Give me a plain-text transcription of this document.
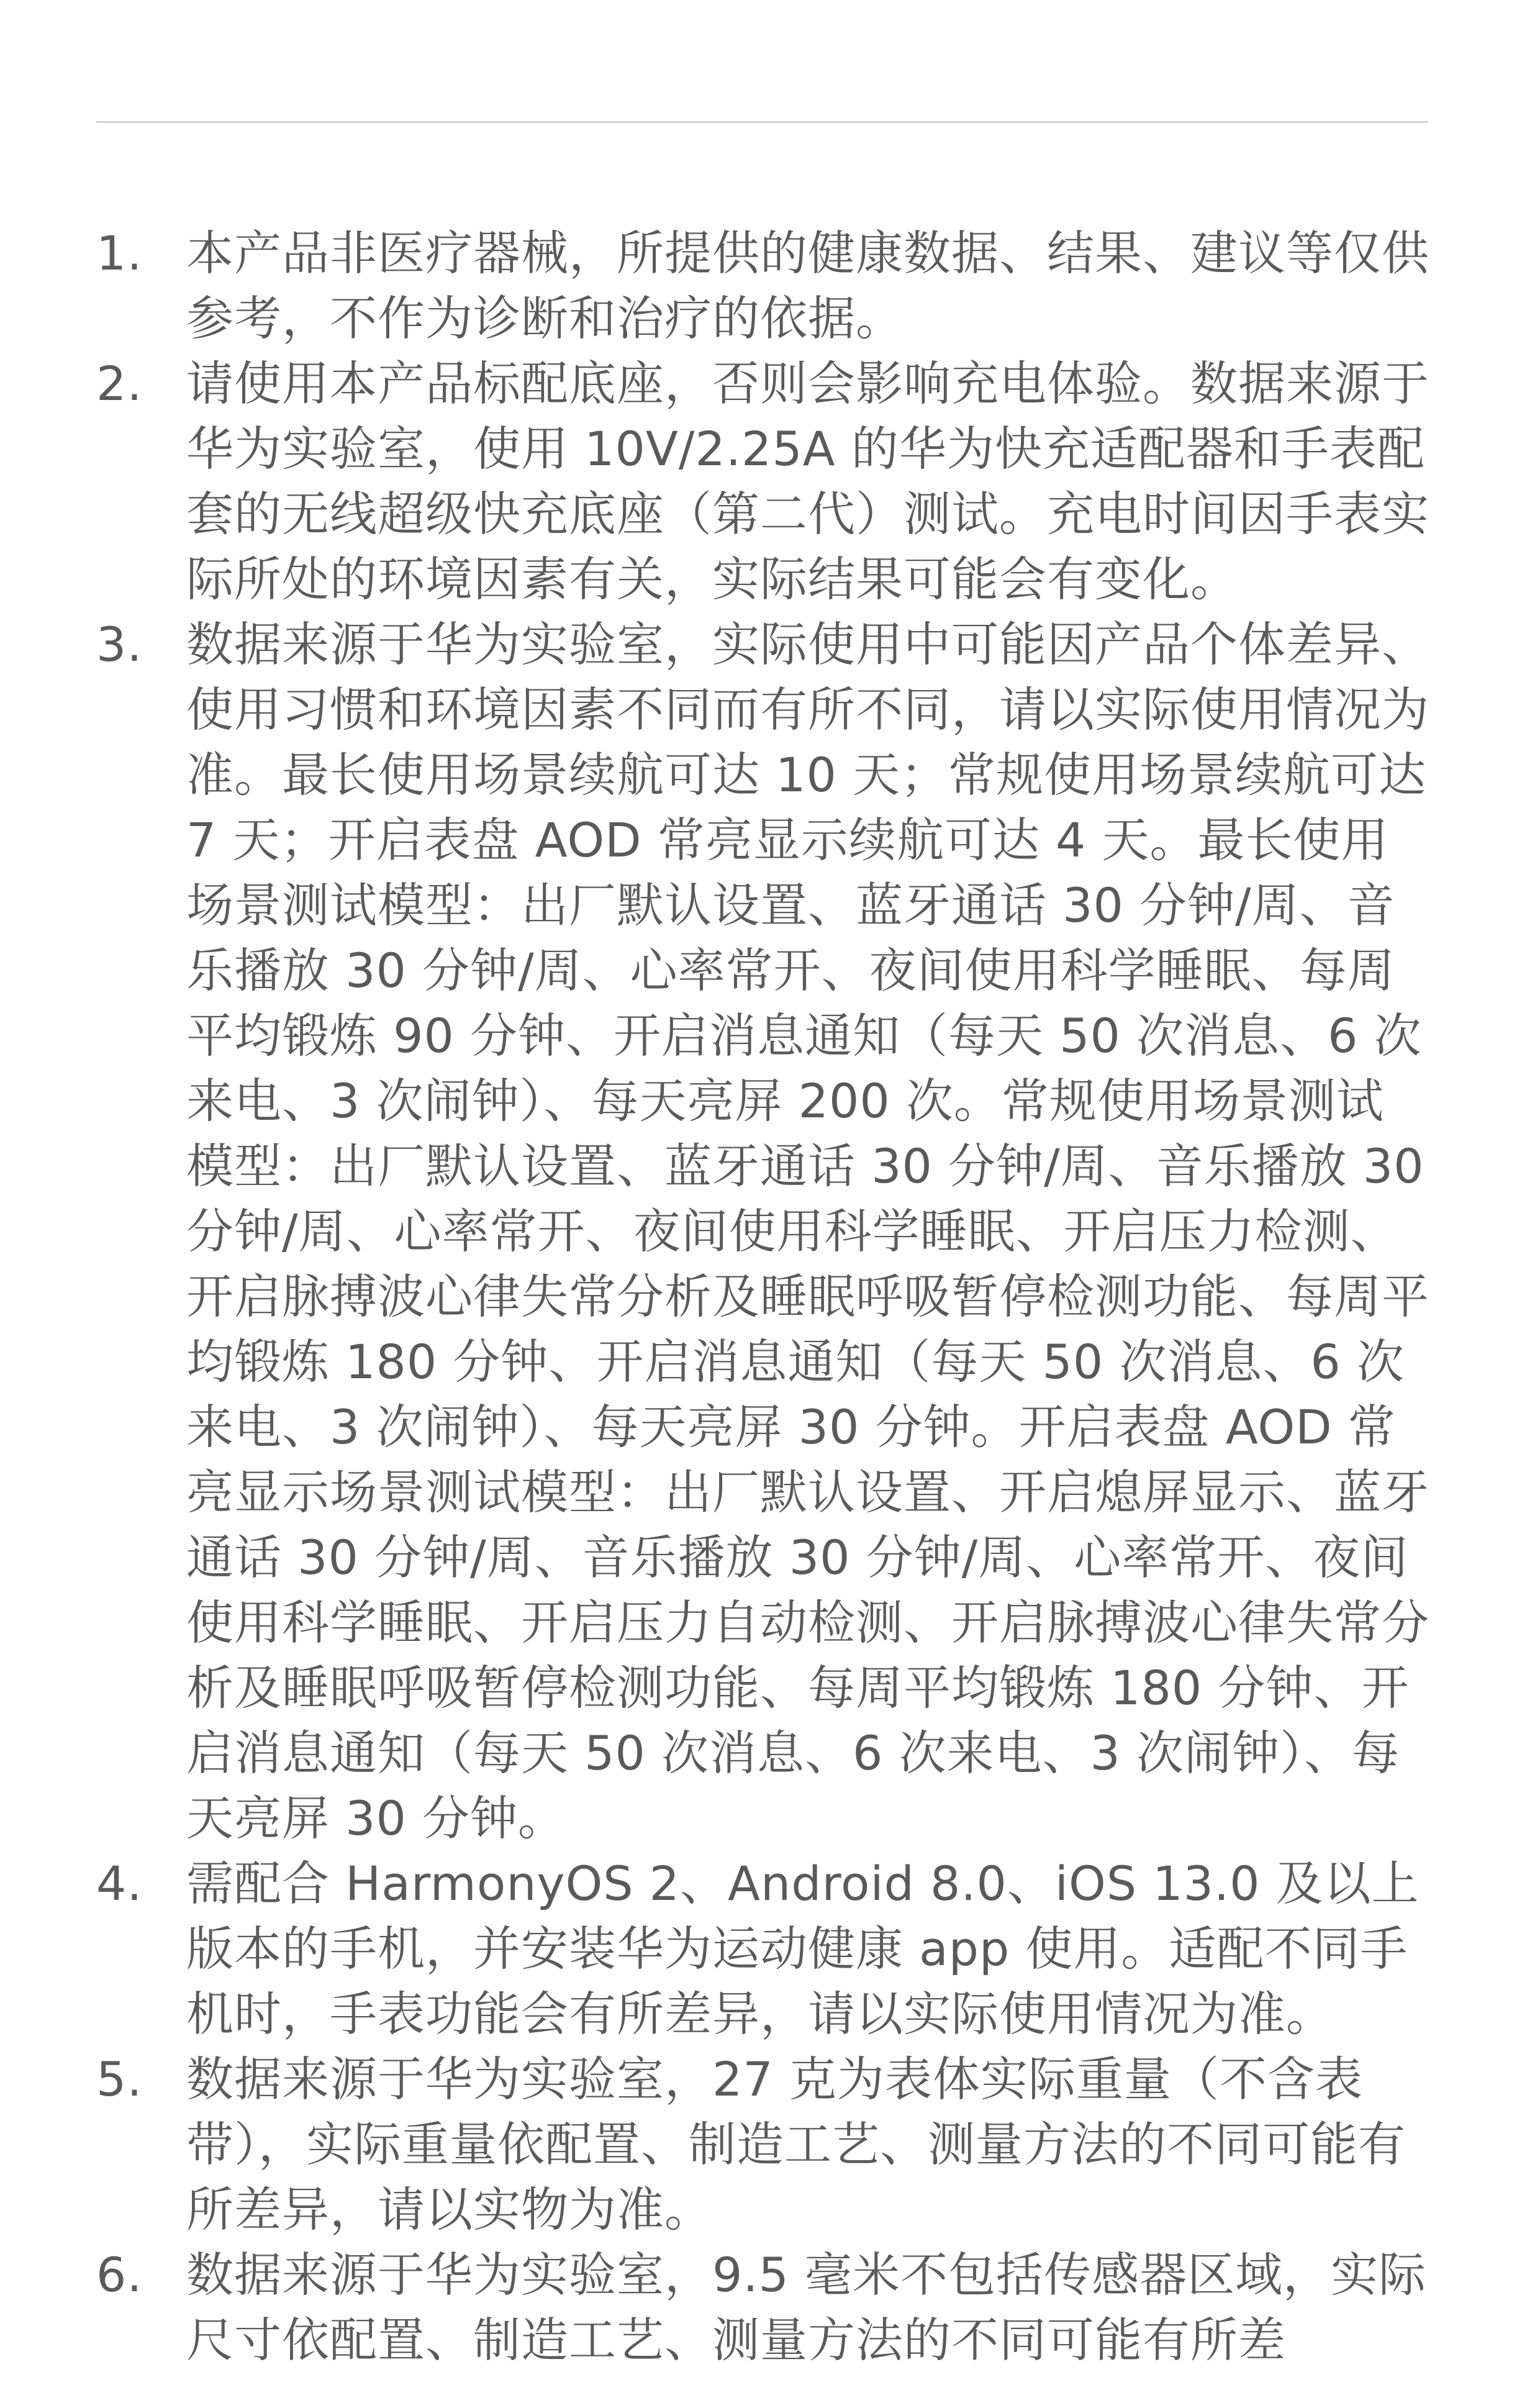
1. 本产品非医疗器械，所提供的健康数据、结果、建议等仅供参考，不作为诊断和治疗的依据。
2. 请使用本产品标配底座，否则会影响充电体验。数据来源于华为实验室，使用 10V/2.25A 的华为快充适配器和手表配套的无线超级快充底座（第二代）测试。充电时间因手表实际所处的环境因素有关，实际结果可能会有变化。
3. 数据来源于华为实验室，实际使用中可能因产品个体差异、使用习惯和环境因素不同而有所不同，请以实际使用情况为准。最长使用场景续航可达 10 天；常规使用场景续航可达 7 天；开启表盘 AOD 常亮显示续航可达 4 天。最长使用场景测试模型：出厂默认设置、蓝牙通话 30 分钟/周、音乐播放 30 分钟/周、心率常开、夜间使用科学睡眠、每周平均锻炼 90 分钟、开启消息通知（每天 50 次消息、6 次来电、3 次闹钟）、每天亮屏 200 次。常规使用场景测试模型：出厂默认设置、蓝牙通话 30 分钟/周、音乐播放 30 分钟/周、心率常开、夜间使用科学睡眠、开启压力检测、开启脉搏波心律失常分析及睡眠呼吸暂停检测功能、每周平均锻炼 180 分钟、开启消息通知（每天 50 次消息、6 次来电、3 次闹钟）、每天亮屏 30 分钟。开启表盘 AOD 常亮显示场景测试模型：出厂默认设置、开启熄屏显示、蓝牙通话 30 分钟/周、音乐播放 30 分钟/周、心率常开、夜间使用科学睡眠、开启压力自动检测、开启脉搏波心律失常分析及睡眠呼吸暂停检测功能、每周平均锻炼 180 分钟、开启消息通知（每天 50 次消息、6 次来电、3 次闹钟）、每天亮屏 30 分钟。
4. 需配合 HarmonyOS 2、Android 8.0、iOS 13.0 及以上版本的手机，并安装华为运动健康 app 使用。适配不同手机时，手表功能会有所差异，请以实际使用情况为准。
5. 数据来源于华为实验室，27 克为表体实际重量（不含表带），实际重量依配置、制造工艺、测量方法的不同可能有所差异，请以实物为准。
6. 数据来源于华为实验室，9.5 毫米不包括传感器区域，实际尺寸依配置、制造工艺、测量方法的不同可能有所差
